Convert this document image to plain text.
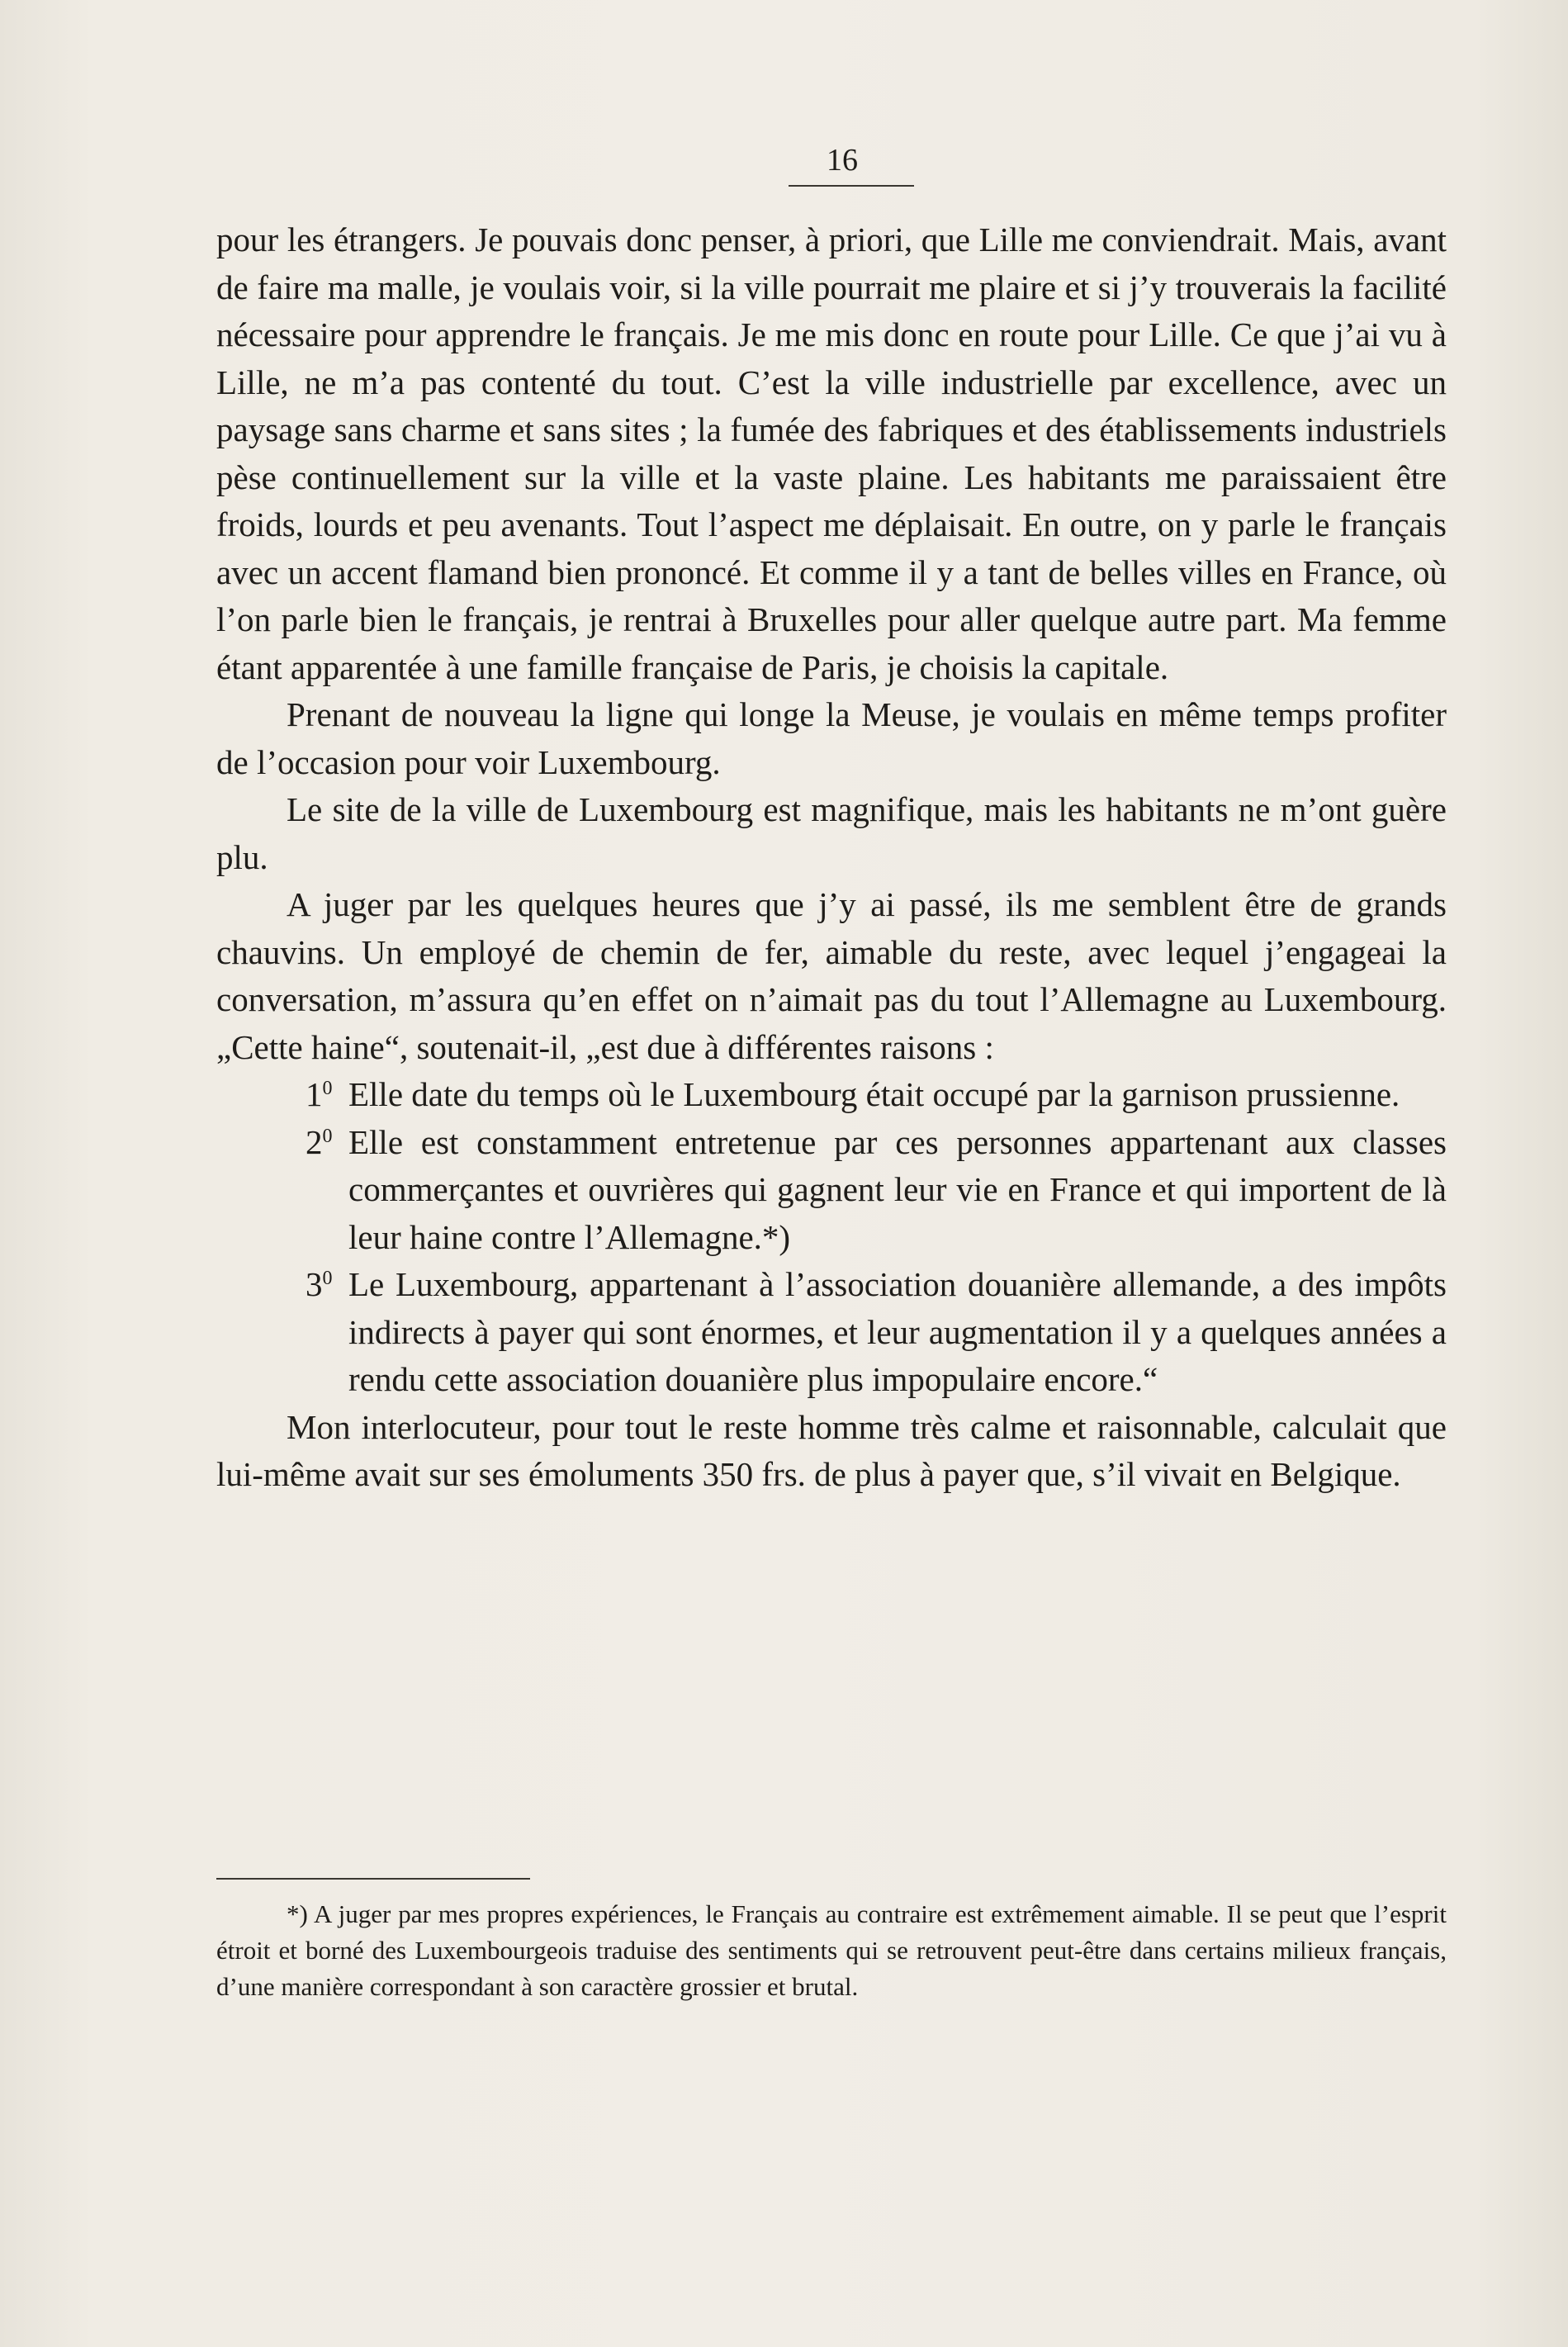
16

pour les étrangers. Je pouvais donc penser, à priori, que Lille me conviendrait. Mais, avant de faire ma malle, je voulais voir, si la ville pourrait me plaire et si j’y trouverais la facilité nécessaire pour apprendre le français. Je me mis donc en route pour Lille. Ce que j’ai vu à Lille, ne m’a pas contenté du tout. C’est la ville industrielle par excellence, avec un paysage sans charme et sans sites ; la fumée des fabriques et des établissements industriels pèse continuellement sur la ville et la vaste plaine. Les habitants me paraissaient être froids, lourds et peu avenants. Tout l’aspect me déplaisait. En outre, on y parle le français avec un accent flamand bien prononcé. Et comme il y a tant de belles villes en France, où l’on parle bien le français, je rentrai à Bruxelles pour aller quelque autre part. Ma femme étant apparentée à une famille française de Paris, je choisis la capitale.

Prenant de nouveau la ligne qui longe la Meuse, je voulais en même temps profiter de l’occasion pour voir Luxembourg.

Le site de la ville de Luxembourg est magnifique, mais les habitants ne m’ont guère plu.

A juger par les quelques heures que j’y ai passé, ils me semblent être de grands chauvins. Un employé de chemin de fer, aimable du reste, avec lequel j’engageai la conversation, m’assura qu’en effet on n’aimait pas du tout l’Allemagne au Luxembourg. „Cette haine“, soutenait-il, „est due à différentes raisons :

$1^0$ Elle date du temps où le Luxembourg était occupé par la garnison prussienne.
$2^0$ Elle est constamment entretenue par ces personnes appartenant aux classes commerçantes et ouvrières qui gagnent leur vie en France et qui importent de là leur haine contre l’Allemagne.*)
$3^0$ Le Luxembourg, appartenant à l’association douanière allemande, a des impôts indirects à payer qui sont énormes, et leur augmentation il y a quelques années a rendu cette association douanière plus impopulaire encore.“

Mon interlocuteur, pour tout le reste homme très calme et raisonnable, calculait que lui-même avait sur ses émoluments 350 frs. de plus à payer que, s’il vivait en Belgique.

*) A juger par mes propres expériences, le Français au contraire est extrêmement aimable. Il se peut que l’esprit étroit et borné des Luxembourgeois traduise des sentiments qui se retrouvent peut-être dans certains milieux français, d’une manière correspondant à son caractère grossier et brutal.
